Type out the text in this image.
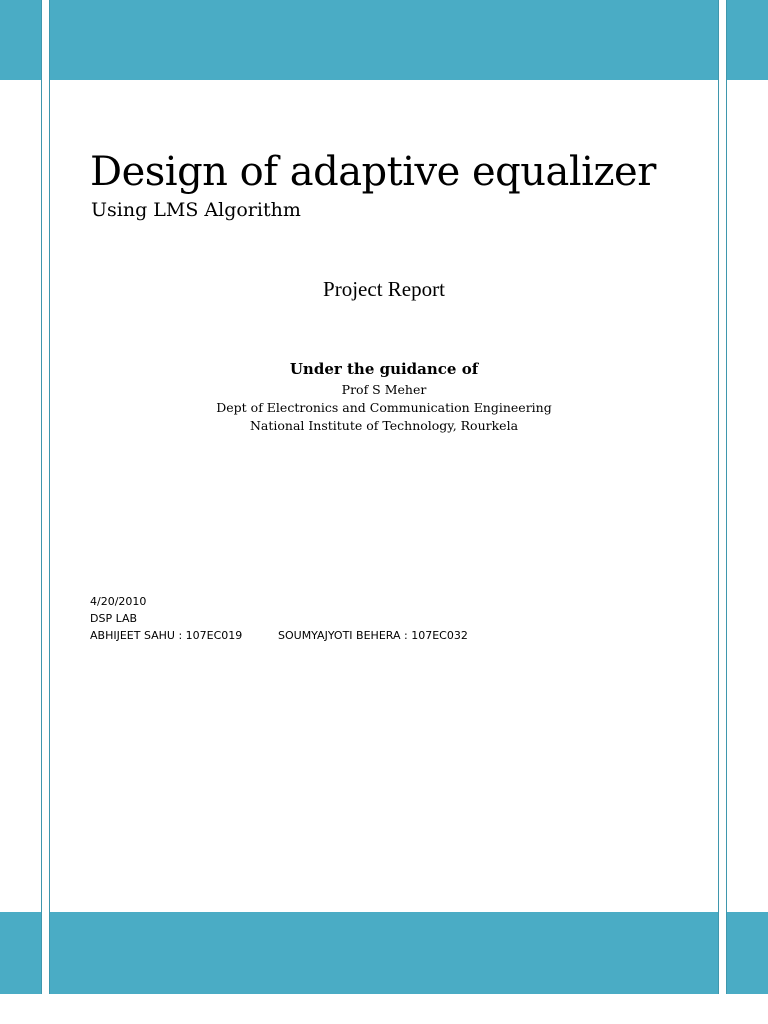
Design of adaptive equalizer
Using LMS Algorithm
Project Report
Under the guidance of
Prof S Meher
Dept of Electronics and Communication Engineering
National Institute of Technology, Rourkela
4/20/2010
DSP LAB
ABHIJEET SAHU : 107EC019	SOUMYAJYOTI BEHERA : 107EC032
